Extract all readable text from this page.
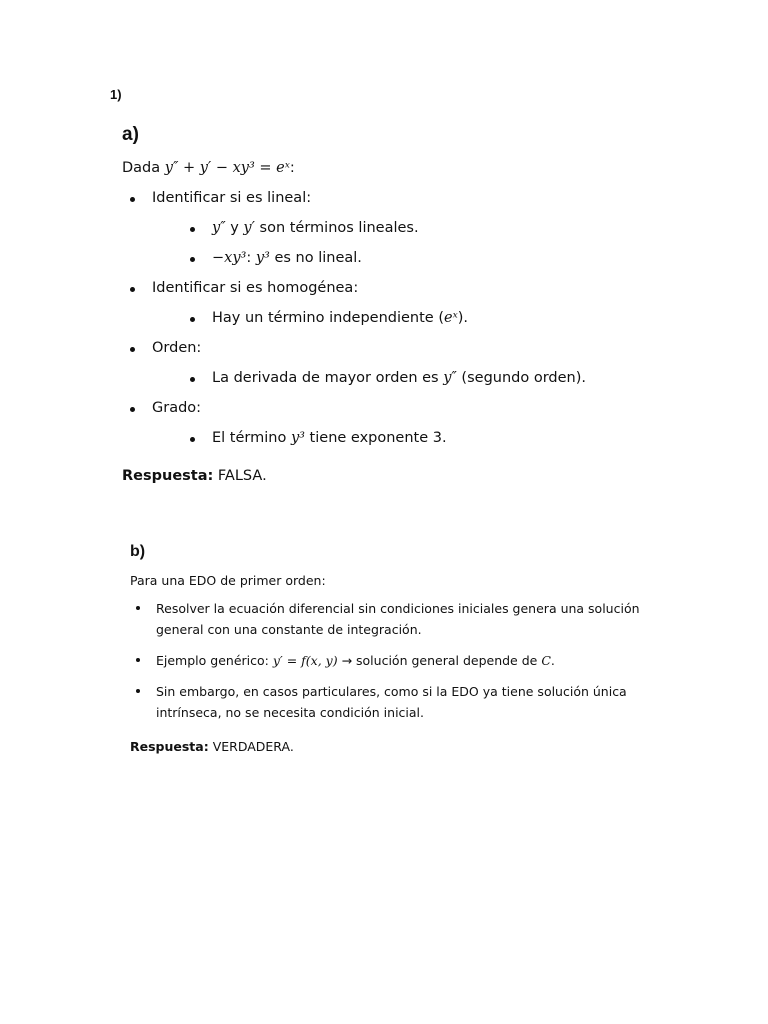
1)
a)

Dada y″ + y′ − xy³ = eˣ:

Identificar si es lineal:
y″ y y′ son términos lineales.
−xy³: y³ es no lineal.
Identificar si es homogénea:
Hay un término independiente (eˣ).
Orden:
La derivada de mayor orden es y″ (segundo orden).
Grado:
El término y³ tiene exponente 3.

Respuesta: FALSA.

b)

Para una EDO de primer orden:

Resolver la ecuación diferencial sin condiciones iniciales genera una solución general con una constante de integración.
Ejemplo genérico: y′ = f(x, y) → solución general depende de C.
Sin embargo, en casos particulares, como si la EDO ya tiene solución única intrínseca, no se necesita condición inicial.

Respuesta: VERDADERA.
